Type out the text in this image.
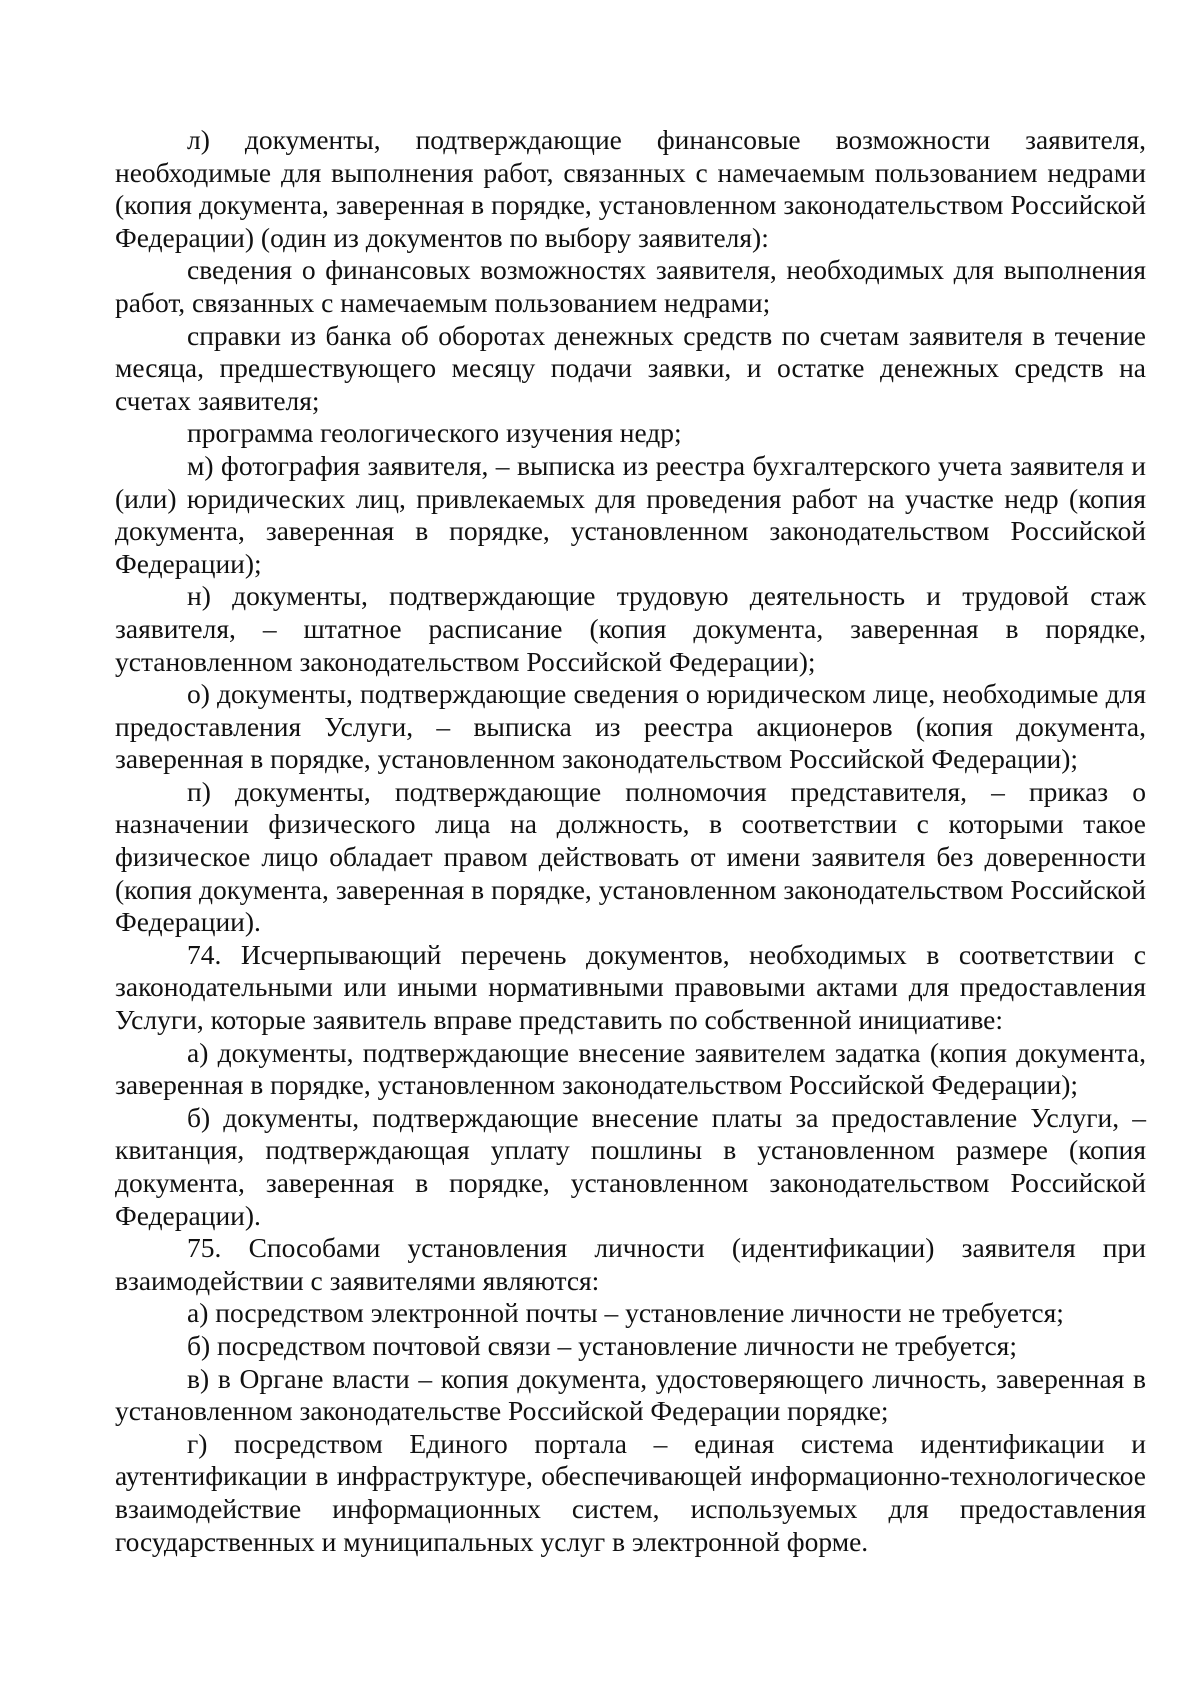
л) документы, подтверждающие финансовые возможности заявителя, необходимые для выполнения работ, связанных с намечаемым пользованием недрами (копия документа, заверенная в порядке, установленном законодательством Российской Федерации) (один из документов по выбору заявителя):

сведения о финансовых возможностях заявителя, необходимых для выполнения работ, связанных с намечаемым пользованием недрами;

справки из банка об оборотах денежных средств по счетам заявителя в течение месяца, предшествующего месяцу подачи заявки, и остатке денежных средств на счетах заявителя;

программа геологического изучения недр;

м) фотография заявителя, – выписка из реестра бухгалтерского учета заявителя и (или) юридических лиц, привлекаемых для проведения работ на участке недр (копия документа, заверенная в порядке, установленном законодательством Российской Федерации);

н) документы, подтверждающие трудовую деятельность и трудовой стаж заявителя, – штатное расписание (копия документа, заверенная в порядке, установленном законодательством Российской Федерации);

о) документы, подтверждающие сведения о юридическом лице, необходимые для предоставления Услуги, – выписка из реестра акционеров (копия документа, заверенная в порядке, установленном законодательством Российской Федерации);

п) документы, подтверждающие полномочия представителя, – приказ о назначении физического лица на должность, в соответствии с которыми такое физическое лицо обладает правом действовать от имени заявителя без доверенности (копия документа, заверенная в порядке, установленном законодательством Российской Федерации).

74. Исчерпывающий перечень документов, необходимых в соответствии с законодательными или иными нормативными правовыми актами для предоставления Услуги, которые заявитель вправе представить по собственной инициативе:

а) документы, подтверждающие внесение заявителем задатка (копия документа, заверенная в порядке, установленном законодательством Российской Федерации);

б) документы, подтверждающие внесение платы за предоставление Услуги, – квитанция, подтверждающая уплату пошлины в установленном размере (копия документа, заверенная в порядке, установленном законодательством Российской Федерации).

75. Способами установления личности (идентификации) заявителя при взаимодействии с заявителями являются:

а) посредством электронной почты – установление личности не требуется;

б) посредством почтовой связи – установление личности не требуется;

в) в Органе власти – копия документа, удостоверяющего личность, заверенная в установленном законодательстве Российской Федерации порядке;

г) посредством Единого портала – единая система идентификации и аутентификации в инфраструктуре, обеспечивающей информационно-технологическое взаимодействие информационных систем, используемых для предоставления государственных и муниципальных услуг в электронной форме.
